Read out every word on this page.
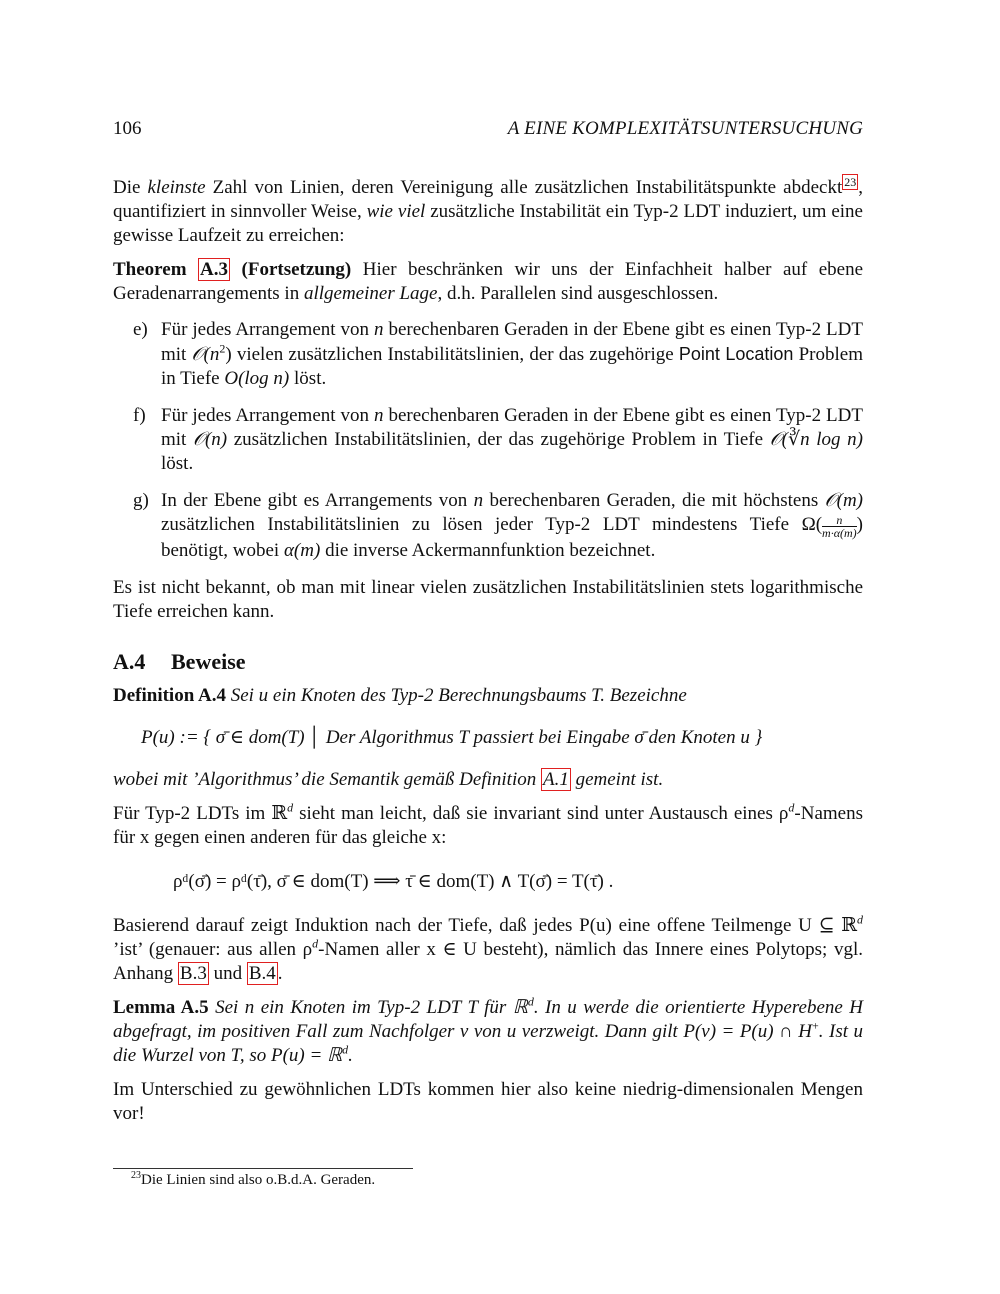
106	A EINE KOMPLEXITÄTSUNTERSUCHUNG

Die kleinste Zahl von Linien, deren Vereinigung alle zusätzlichen Instabilitätspunkte abdeckt $^{23}$ , quantifiziert in sinnvoller Weise, wie viel zusätzliche Instabilität ein Typ-2 LDT induziert, um eine gewisse Laufzeit zu erreichen:

Theorem A.3 (Fortsetzung) Hier beschränken wir uns der Einfachheit halber auf ebene Geradenarrangements in allgemeiner Lage, d.h. Parallelen sind ausgeschlossen.

e) Für jedes Arrangement von n berechenbaren Geraden in der Ebene gibt es einen Typ-2 LDT mit $𝒪(n^2)$ vielen zusätzlichen Instabilitätslinien, der das zugehörige Point Location Problem in Tiefe O(log n) löst.
f) Für jedes Arrangement von n berechenbaren Geraden in der Ebene gibt es einen Typ-2 LDT mit 𝒪(n) zusätzlichen Instabilitätslinien, der das zugehörige Problem in Tiefe 𝒪(∛n log n) löst.
g) In der Ebene gibt es Arrangements von n berechenbaren Geraden, die mit höchstens 𝒪(m) zusätzlichen Instabilitätslinien zu lösen jeder Typ-2 LDT mindestens Tiefe $\Omega( \frac{n}{m\cdot\alpha(m)}$ ) benötigt, wobei α(m) die inverse Ackermannfunktion bezeichnet.

Es ist nicht bekannt, ob man mit linear vielen zusätzlichen Instabilitätslinien stets logarithmische Tiefe erreichen kann.

A.4 Beweise

Definition A.4 Sei u ein Knoten des Typ-2 Berechnungsbaums T. Bezeichne

P(u) := { σ̄ ∈ dom(T) │ Der Algorithmus T passiert bei Eingabe σ̄ den Knoten u }

wobei mit ’Algorithmus’ die Semantik gemäß Definition A.1 gemeint ist.

Für Typ-2 LDTs im ℝ$^d$ sieht man leicht, daß sie invariant sind unter Austausch eines $\rho^d$-Namens für x gegen einen anderen für das gleiche x:

ρᵈ(σ̄) = ρᵈ(τ̄), σ̄ ∈ dom(T) ⟹ τ̄ ∈ dom(T) ∧ T(σ̄) = T(τ̄) .

Basierend darauf zeigt Induktion nach der Tiefe, daß jedes P(u) eine offene Teilmenge U ⊆ ℝ$^d$ ’ist’ (genauer: aus allen $\rho^d$-Namen aller x ∈ U besteht), nämlich das Innere eines Polytops; vgl. Anhang B.3 und B.4 .

Lemma A.5 Sei n ein Knoten im Typ-2 LDT T für ℝ$^d$. In u werde die orientierte Hyperebene H abgefragt, im positiven Fall zum Nachfolger v von u verzweigt. Dann gilt P(v) = P(u) ∩ H+. Ist u die Wurzel von T, so P(u) = ℝ$^d$.

Im Unterschied zu gewöhnlichen LDTs kommen hier also keine niedrig-dimensionalen Mengen vor!

$^{23}$Die Linien sind also o.B.d.A. Geraden.
